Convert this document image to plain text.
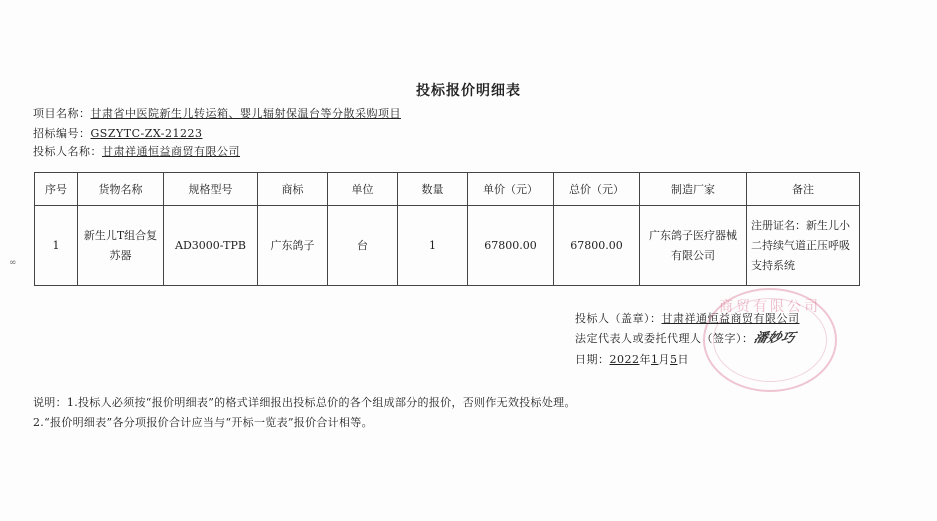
投标报价明细表
项目名称：甘肃省中医院新生儿转运箱、婴儿辐射保温台等分散采购项目
招标编号：GSZYTC-ZX-21223
投标人名称：甘肃祥通恒益商贸有限公司
∞
序号	货物名称	规格型号	商标	单位	数量	单价（元）	总价（元）	制造厂家	备注
1	新生儿T组合复苏器	AD3000-TPB	广东鸽子	台	1	67800.00	67800.00	广东鸽子医疗器械有限公司	注册证名：新生儿小二持续气道正压呼吸支持系统
商贸有限公司
投标人（盖章）：甘肃祥通恒益商贸有限公司
法定代表人或委托代理人（签字）：潘妙巧
日期：2022年1月5日
说明：1.投标人必须按“报价明细表”的格式详细报出投标总价的各个组成部分的报价，否则作无效投标处理。
2.“报价明细表”各分项报价合计应当与“开标一览表”报价合计相等。
